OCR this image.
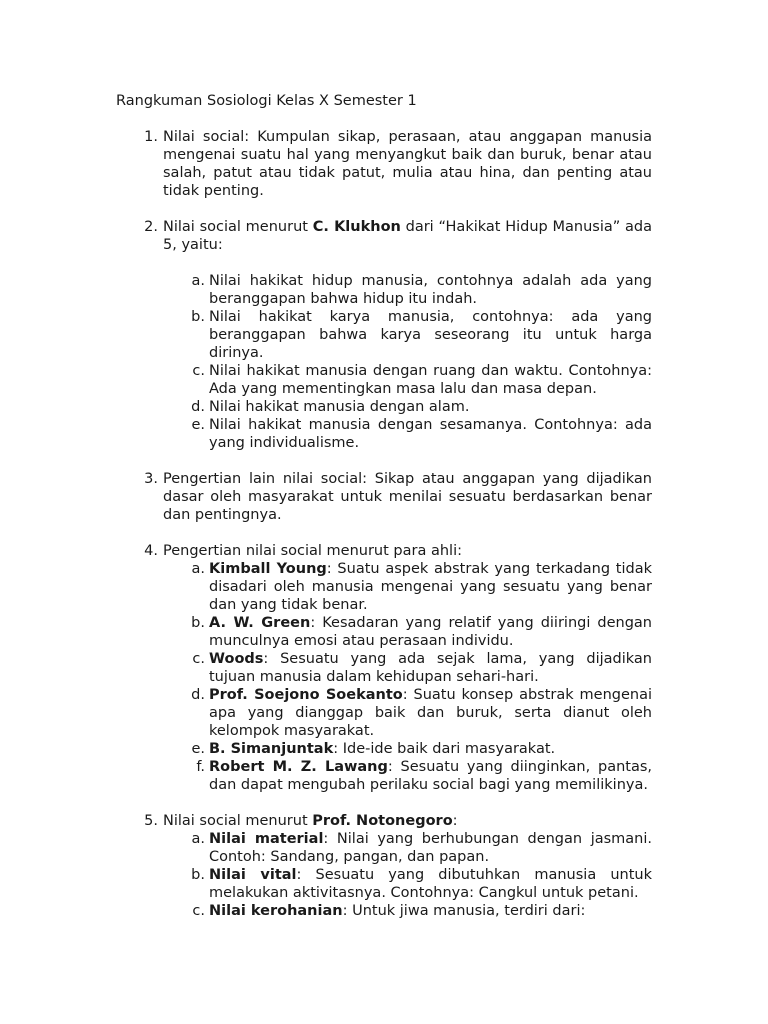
Rangkuman Sosiologi Kelas X Semester 1

1. Nilai social: Kumpulan sikap, perasaan, atau anggapan manusia mengenai suatu hal yang menyangkut baik dan buruk, benar atau salah, patut atau tidak patut, mulia atau hina, dan penting atau tidak penting.
2. Nilai social menurut C. Klukhon dari “Hakikat Hidup Manusia” ada 5, yaitu:
a. Nilai hakikat hidup manusia, contohnya adalah ada yang beranggapan bahwa hidup itu indah.
b. Nilai hakikat karya manusia, contohnya: ada yang beranggapan bahwa karya seseorang itu untuk harga dirinya.
c. Nilai hakikat manusia dengan ruang dan waktu. Contohnya: Ada yang mementingkan masa lalu dan masa depan.
d. Nilai hakikat manusia dengan alam.
e. Nilai hakikat manusia dengan sesamanya. Contohnya: ada yang individualisme.
3. Pengertian lain nilai social: Sikap atau anggapan yang dijadikan dasar oleh masyarakat untuk menilai sesuatu berdasarkan benar dan pentingnya.
4. Pengertian nilai social menurut para ahli:
a. Kimball Young: Suatu aspek abstrak yang terkadang tidak disadari oleh manusia mengenai yang sesuatu yang benar dan yang tidak benar.
b. A. W. Green: Kesadaran yang relatif yang diiringi dengan munculnya emosi atau perasaan individu.
c. Woods: Sesuatu yang ada sejak lama, yang dijadikan tujuan manusia dalam kehidupan sehari-hari.
d. Prof. Soejono Soekanto: Suatu konsep abstrak mengenai apa yang dianggap baik dan buruk, serta dianut oleh kelompok masyarakat.
e. B. Simanjuntak: Ide-ide baik dari masyarakat.
f. Robert M. Z. Lawang: Sesuatu yang diinginkan, pantas, dan dapat mengubah perilaku social bagi yang memilikinya.
5. Nilai social menurut Prof. Notonegoro:
a. Nilai material: Nilai yang berhubungan dengan jasmani. Contoh: Sandang, pangan, dan papan.
b. Nilai vital: Sesuatu yang dibutuhkan manusia untuk melakukan aktivitasnya. Contohnya: Cangkul untuk petani.
c. Nilai kerohanian: Untuk jiwa manusia, terdiri dari:
